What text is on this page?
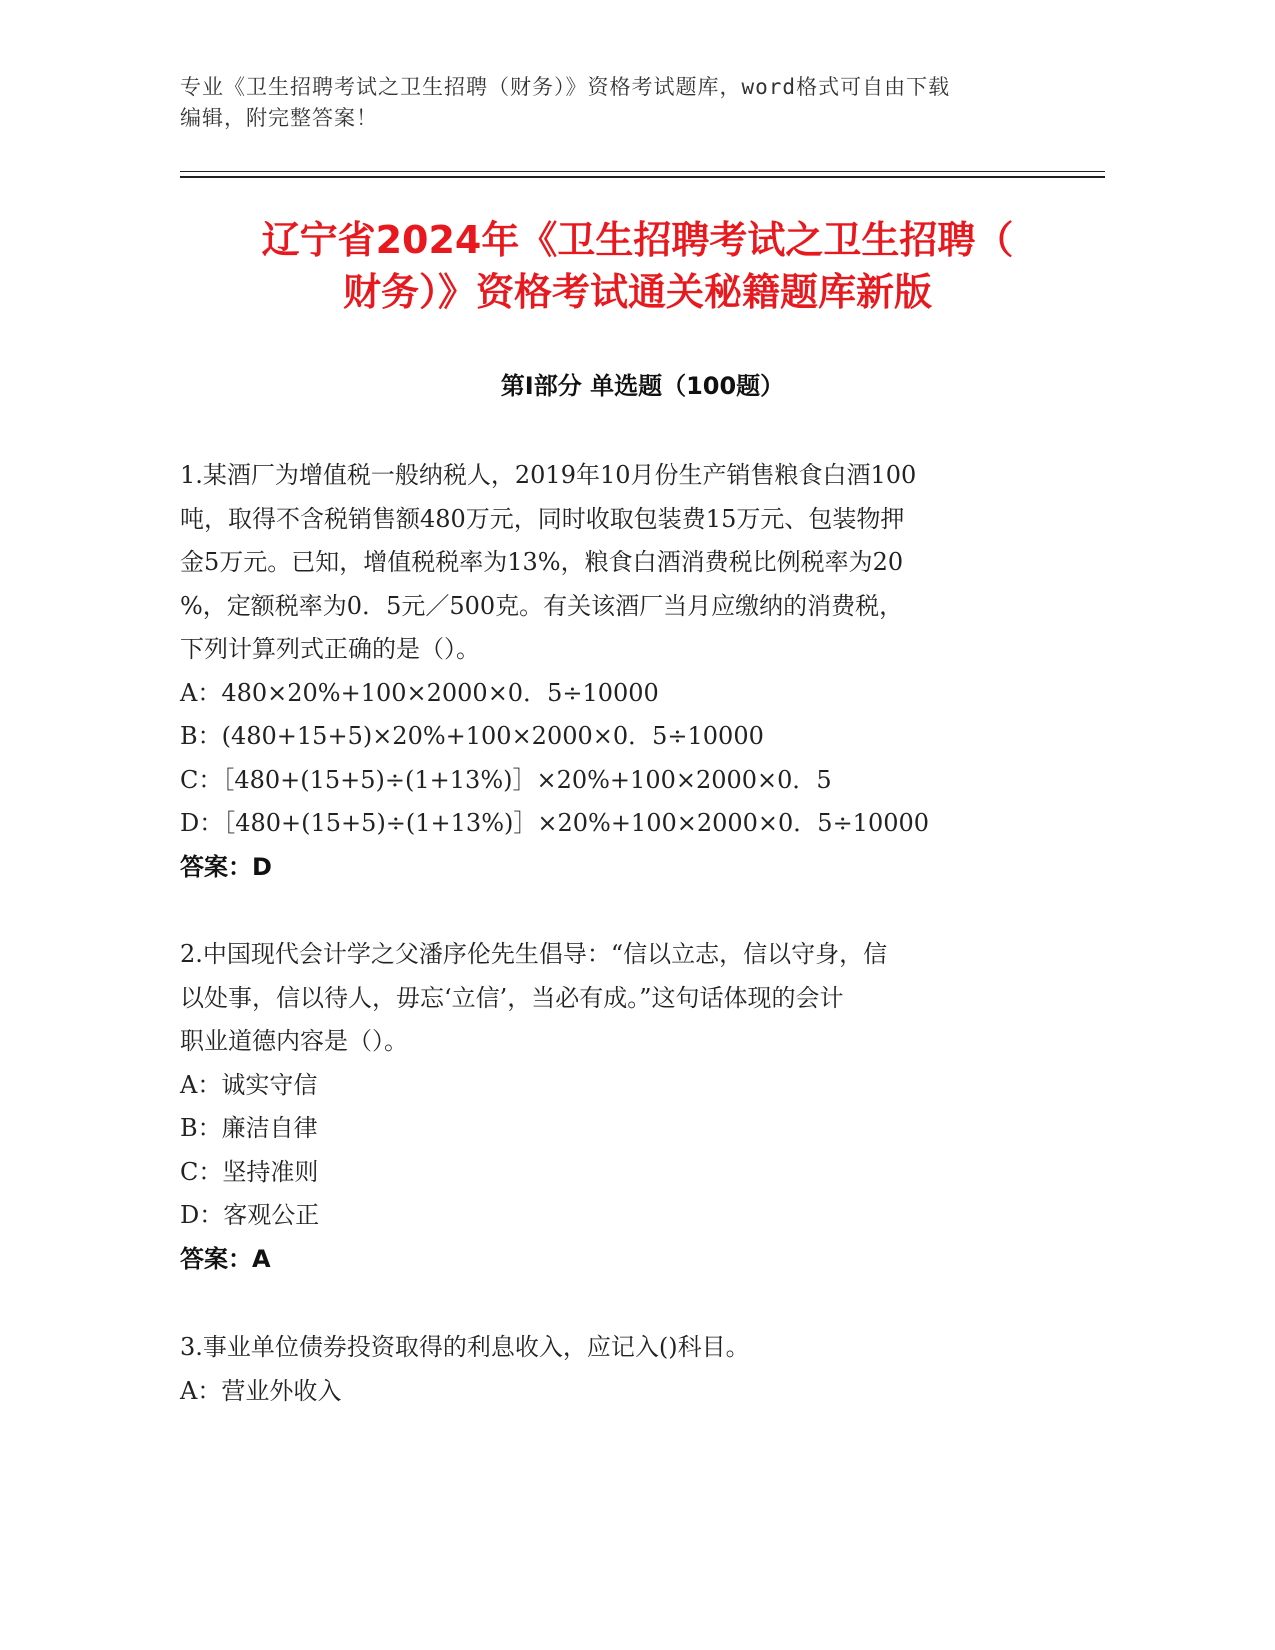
专业《卫生招聘考试之卫生招聘（财务）》资格考试题库，word格式可自由下载
编辑，附完整答案！
辽宁省2024年《卫生招聘考试之卫生招聘（
财务）》资格考试通关秘籍题库新版
第Ⅰ部分 单选题（100题）
1.某酒厂为增值税一般纳税人，2019年10月份生产销售粮食白酒100
吨，取得不含税销售额480万元，同时收取包装费15万元、包装物押
金5万元。已知，增值税税率为13%，粮食白酒消费税比例税率为20
%，定额税率为0．5元／500克。有关该酒厂当月应缴纳的消费税，
下列计算列式正确的是（）。
A：480×20%+100×2000×0．5÷10000
B：(480+15+5)×20%+100×2000×0．5÷10000
C：［480+(15+5)÷(1+13%)］×20%+100×2000×0．5
D：［480+(15+5)÷(1+13%)］×20%+100×2000×0．5÷10000
答案：D
2.中国现代会计学之父潘序伦先生倡导：“信以立志，信以守身，信
以处事，信以待人，毋忘‘立信’，当必有成。”这句话体现的会计
职业道德内容是（）。
A：诚实守信
B：廉洁自律
C：坚持准则
D：客观公正
答案：A
3.事业单位债券投资取得的利息收入，应记入()科目。
A：营业外收入
